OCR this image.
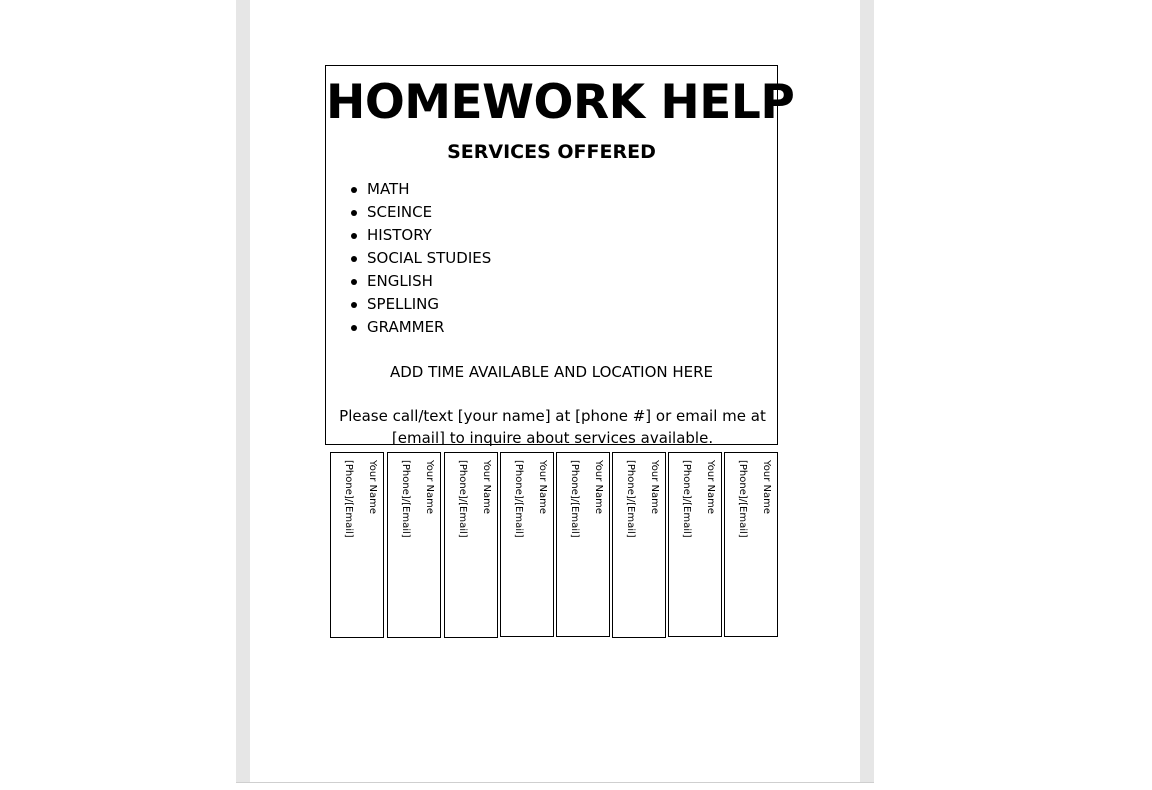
HOMEWORK HELP
SERVICES OFFERED
MATH
SCEINCE
HISTORY
SOCIAL STUDIES
ENGLISH
SPELLING
GRAMMER
ADD TIME AVAILABLE AND LOCATION HERE
Please call/text [your name] at [phone #] or email me at [email] to inquire about services available.
Your Name
[Phone]/[Email]	Your Name
[Phone]/[Email]	Your Name
[Phone]/[Email]	Your Name
[Phone]/[Email]	Your Name
[Phone]/[Email]	Your Name
[Phone]/[Email]	Your Name
[Phone]/[Email]	Your Name
[Phone]/[Email]
